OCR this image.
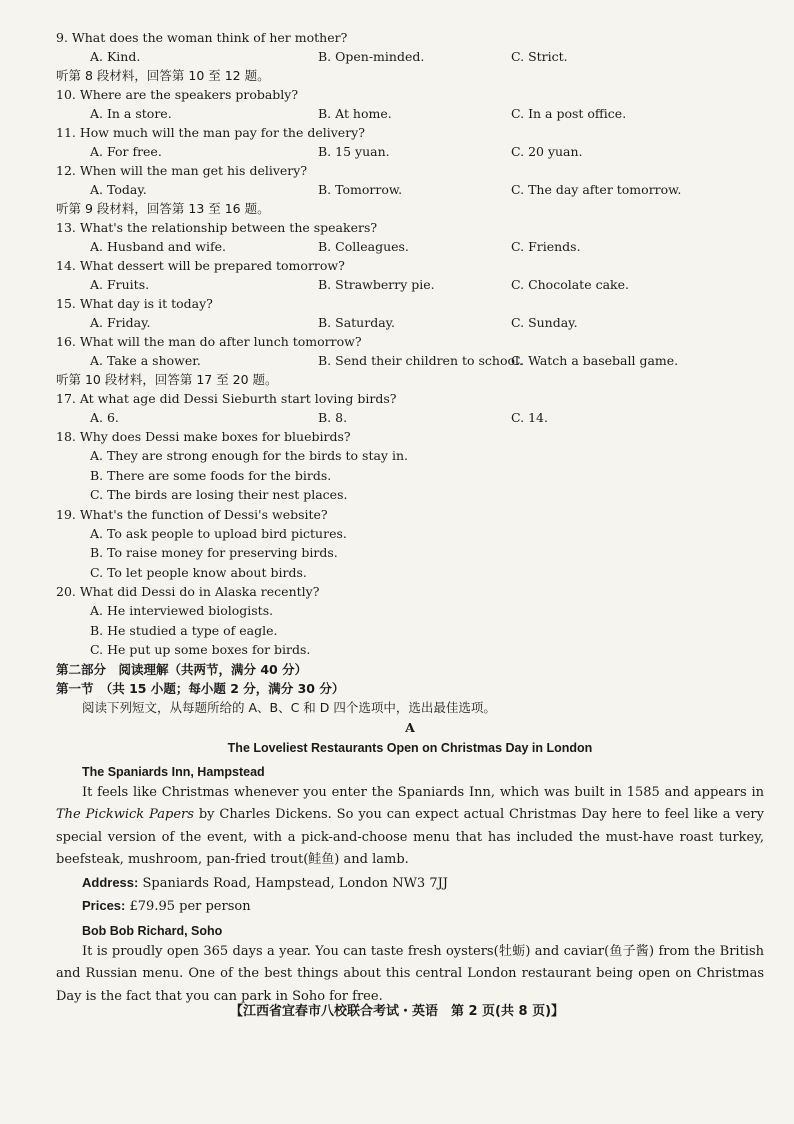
9. What does the woman think of her mother?
A. Kind.	B. Open-minded.	C. Strict.
听第 8 段材料，回答第 10 至 12 题。
10. Where are the speakers probably?
A. In a store.	B. At home.	C. In a post office.
11. How much will the man pay for the delivery?
A. For free.	B. 15 yuan.	C. 20 yuan.
12. When will the man get his delivery?
A. Today.	B. Tomorrow.	C. The day after tomorrow.
听第 9 段材料，回答第 13 至 16 题。
13. What's the relationship between the speakers?
A. Husband and wife.	B. Colleagues.	C. Friends.
14. What dessert will be prepared tomorrow?
A. Fruits.	B. Strawberry pie.	C. Chocolate cake.
15. What day is it today?
A. Friday.	B. Saturday.	C. Sunday.
16. What will the man do after lunch tomorrow?
A. Take a shower.	B. Send their children to school.
C. Watch a baseball game.
听第 10 段材料，回答第 17 至 20 题。
17. At what age did Dessi Sieburth start loving birds?
A. 6.	B. 8.	C. 14.
18. Why does Dessi make boxes for bluebirds?
A. They are strong enough for the birds to stay in.
B. There are some foods for the birds.
C. The birds are losing their nest places.
19. What's the function of Dessi's website?
A. To ask people to upload bird pictures.
B. To raise money for preserving birds.
C. To let people know about birds.
20. What did Dessi do in Alaska recently?
A. He interviewed biologists.
B. He studied a type of eagle.
C. He put up some boxes for birds.
第二部分　阅读理解（共两节，满分 40 分）
第一节　（共 15 小题；每小题 2 分，满分 30 分）
阅读下列短文，从每题所给的 A、B、C 和 D 四个选项中，选出最佳选项。
A
The Loveliest Restaurants Open on Christmas Day in London
The Spaniards Inn, Hampstead

It feels like Christmas whenever you enter the Spaniards Inn, which was built in 1585 and appears in The Pickwick Papers by Charles Dickens. So you can expect actual Christmas Day here to feel like a very special version of the event, with a pick-and-choose menu that has included the must-have roast turkey, beefsteak, mushroom, pan-fried trout(鲑鱼) and lamb.

Address: Spaniards Road, Hampstead, London NW3 7JJ
Prices: £79.95 per person
Bob Bob Richard, Soho

It is proudly open 365 days a year. You can taste fresh oysters(牡蛎) and caviar(鱼子酱) from the British and Russian menu. One of the best things about this central London restaurant being open on Christmas Day is the fact that you can park in Soho for free.

【江西省宜春市八校联合考试・英语　第 2 页(共 8 页)】
